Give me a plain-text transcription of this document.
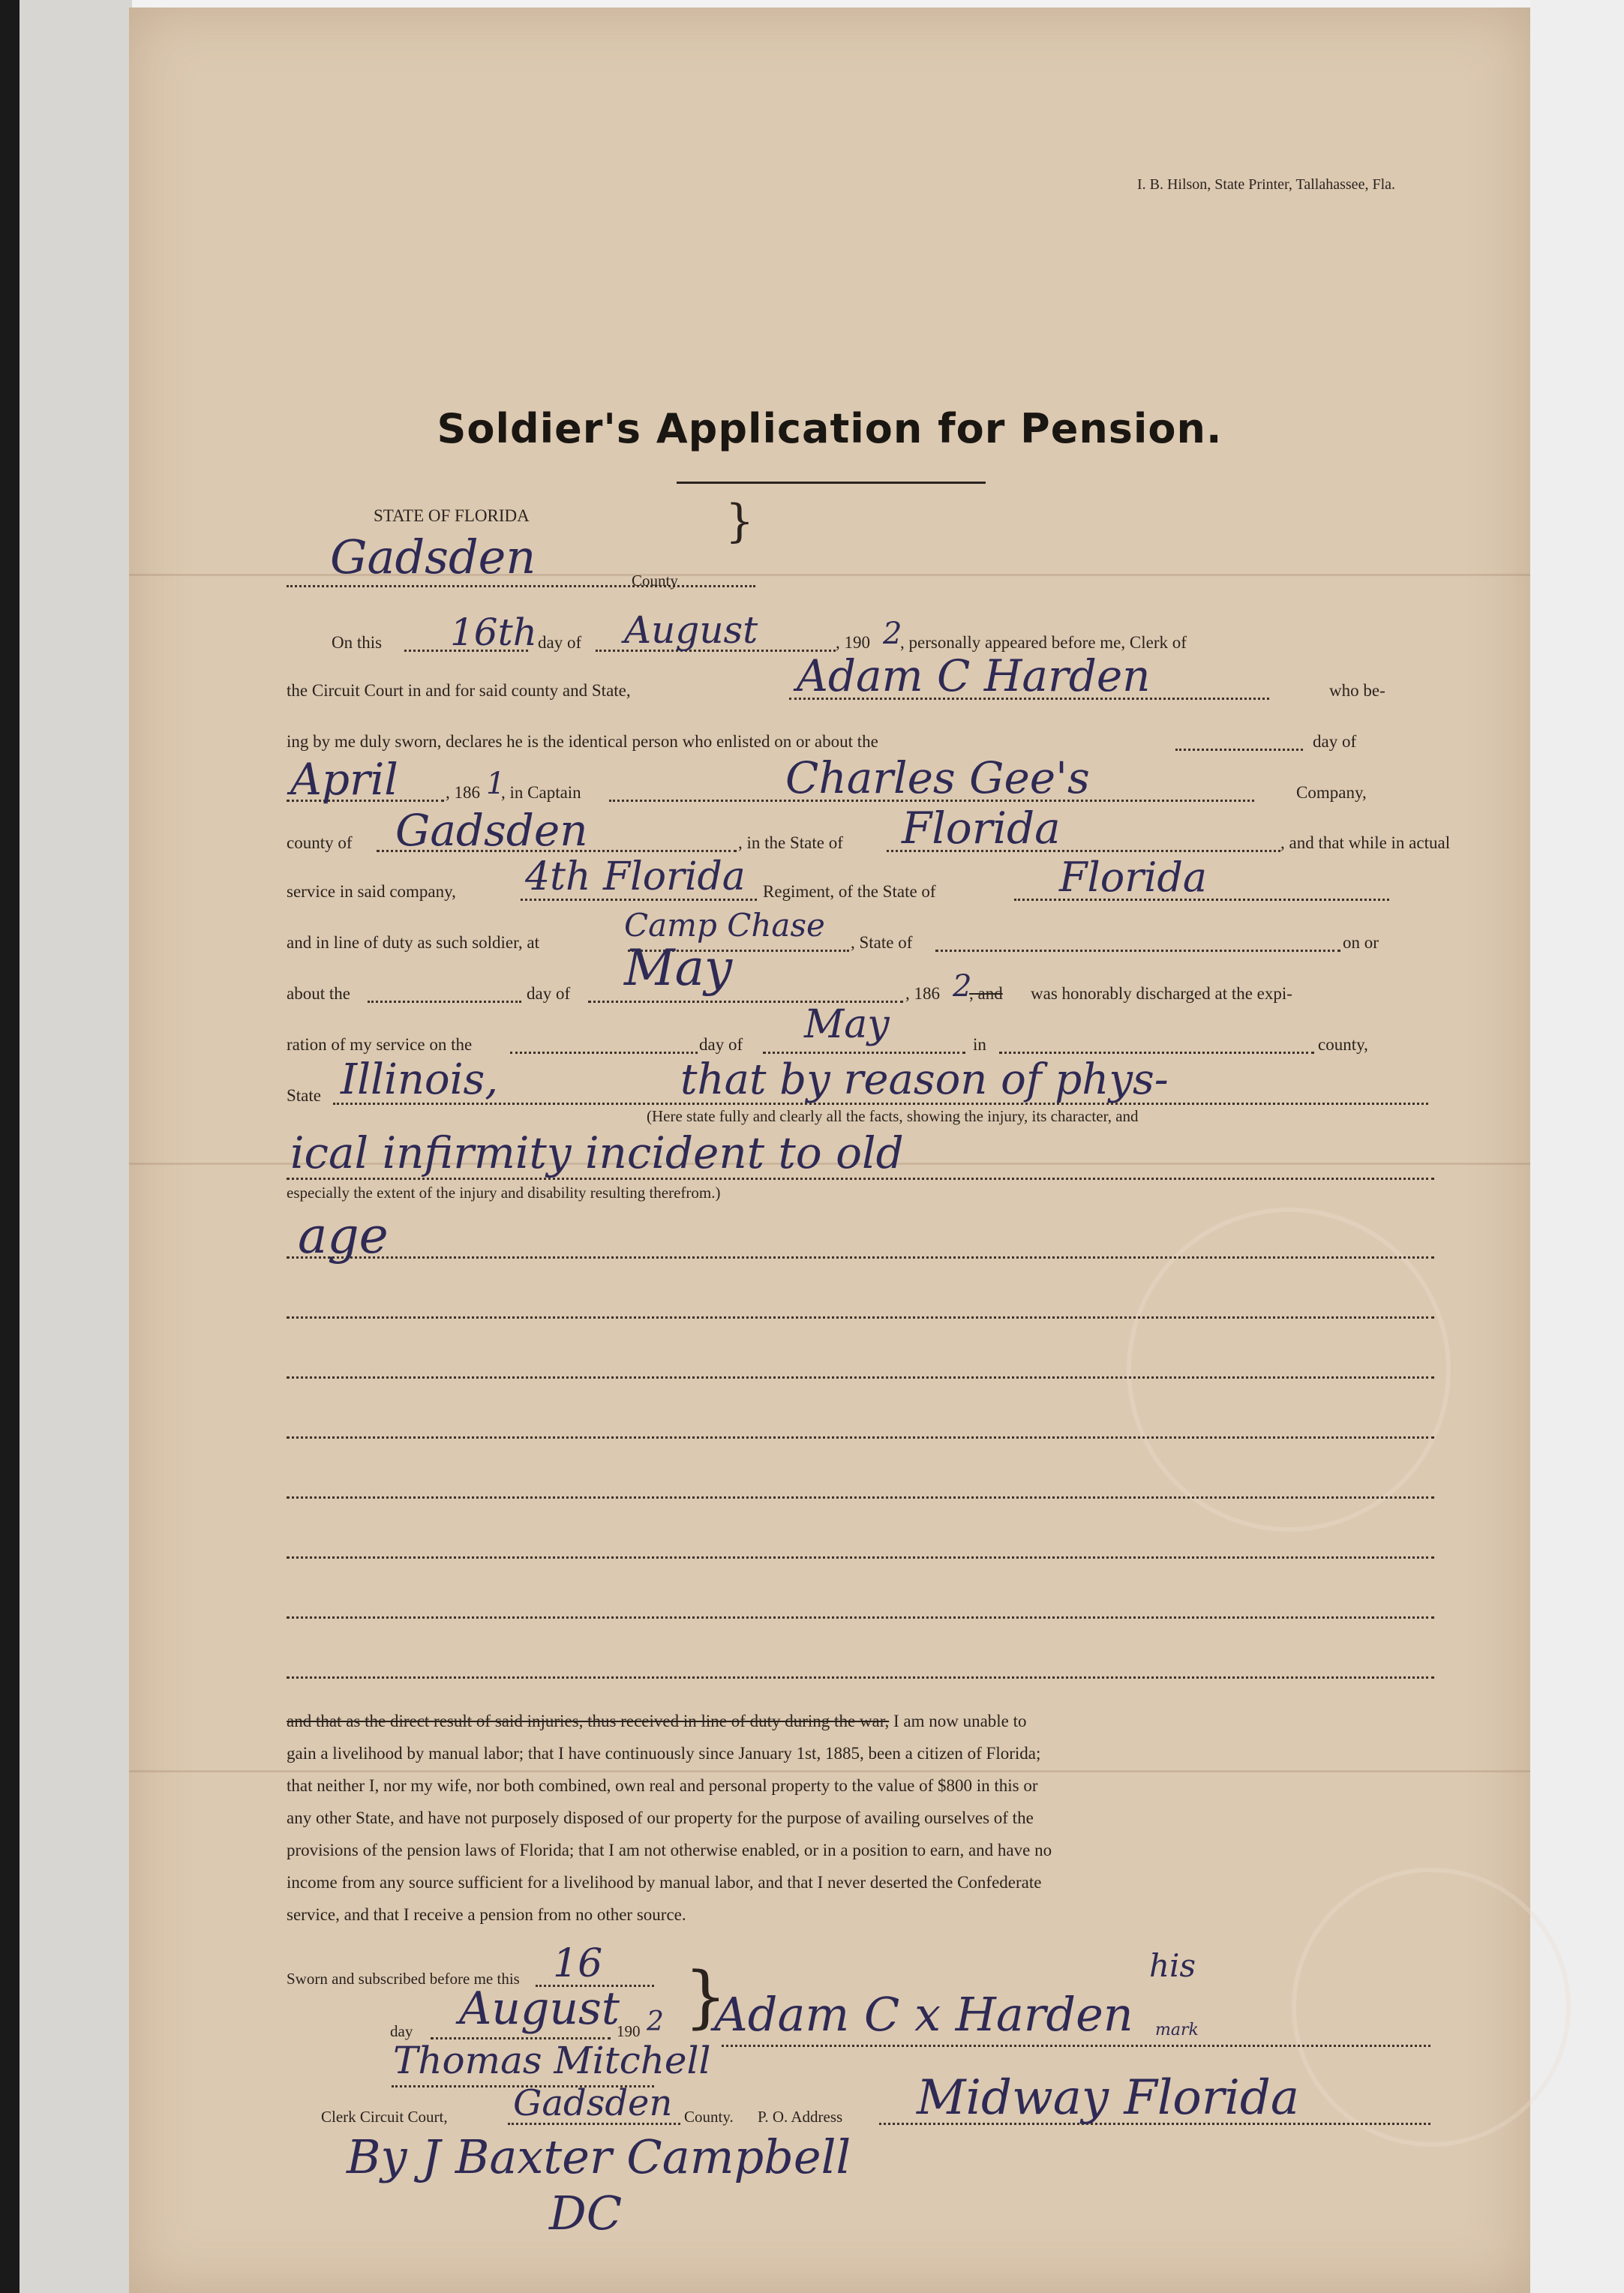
I. B. Hilson, State Printer, Tallahassee, Fla.
Soldier's Application for Pension.
STATE OF FLORIDA
Gadsden	County
}
On this 16th day of August	, 190 2
, personally appeared before me, Clerk of
the Circuit Court in and for said county and State,	Adam C Harden	who be-
ing by me duly sworn, declares he is the identical person who enlisted on or about the	day of
April	, 186 1
, in Captain	Charles Gee's	Company,
county of Gadsden	, in the State of Florida	, and that while in actual
service in said company, 4th Florida Regiment, of the State of	Florida
and in line of duty as such soldier, at	Camp Chase , State of	on or
about the	day of May	, 186 2
, and was honorably discharged at the expi-
ration of my service on the	day of May	in	county,
State Illinois,	that by reason of phys-
(Here state fully and clearly all the facts, showing the injury, its character, and
ical infirmity incident to old
especially the extent of the injury and disability resulting therefrom.)
age
and that as the direct result of said injuries, thus received in line of duty during the war, I am now unable to
gain a livelihood by manual labor; that I have continuously since January 1st, 1885, been a citizen of Florida;
that neither I, nor my wife, nor both combined, own real and personal property to the value of $800 in this or
any other State, and have not purposely disposed of our property for the purpose of availing ourselves of the
provisions of the pension laws of Florida; that I am not otherwise enabled, or in a position to earn, and have no
income from any source sufficient for a livelihood by manual labor, and that I never deserted the Confederate
service, and that I receive a pension from no other source.
Sworn and subscribed before me this 16 }
day August
190 2 Adam C x Harden
his
mark
Thomas Mitchell
Clerk Circuit Court, Gadsden County. P. O. Address Midway Florida
By J Baxter Campbell
DC
